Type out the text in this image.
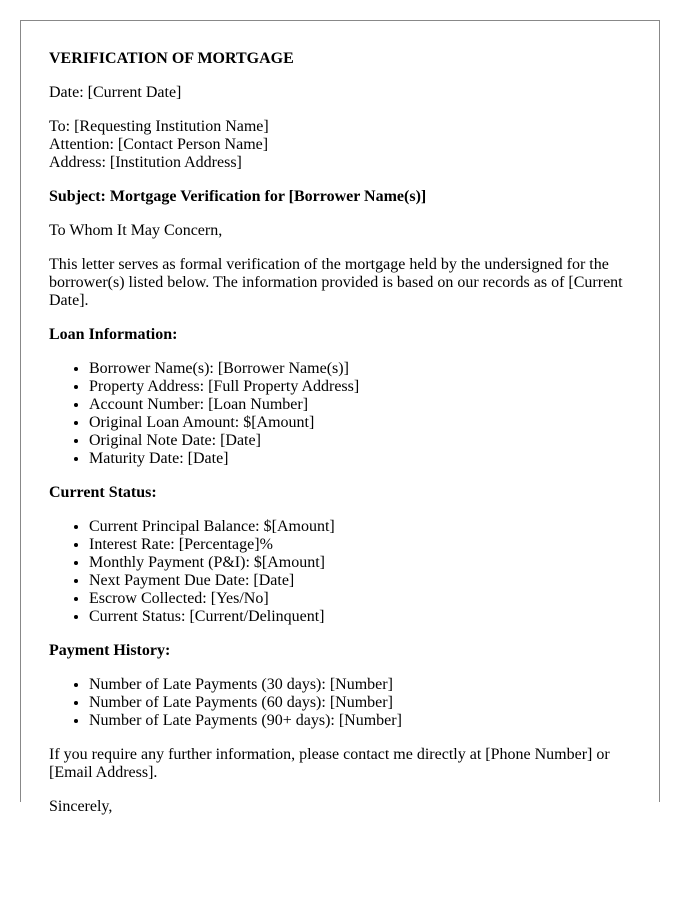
VERIFICATION OF MORTGAGE

Date: [Current Date]

To: [Requesting Institution Name]
Attention: [Contact Person Name]
Address: [Institution Address]

Subject: Mortgage Verification for [Borrower Name(s)]

To Whom It May Concern,

This letter serves as formal verification of the mortgage held by the undersigned for the borrower(s) listed below. The information provided is based on our records as of [Current Date].

Loan Information:

• Borrower Name(s): [Borrower Name(s)]
• Property Address: [Full Property Address]
• Account Number: [Loan Number]
• Original Loan Amount: $[Amount]
• Original Note Date: [Date]
• Maturity Date: [Date]

Current Status:

• Current Principal Balance: $[Amount]
• Interest Rate: [Percentage]%
• Monthly Payment (P&I): $[Amount]
• Next Payment Due Date: [Date]
• Escrow Collected: [Yes/No]
• Current Status: [Current/Delinquent]

Payment History:

• Number of Late Payments (30 days): [Number]
• Number of Late Payments (60 days): [Number]
• Number of Late Payments (90+ days): [Number]

If you require any further information, please contact me directly at [Phone Number] or [Email Address].

Sincerely,
